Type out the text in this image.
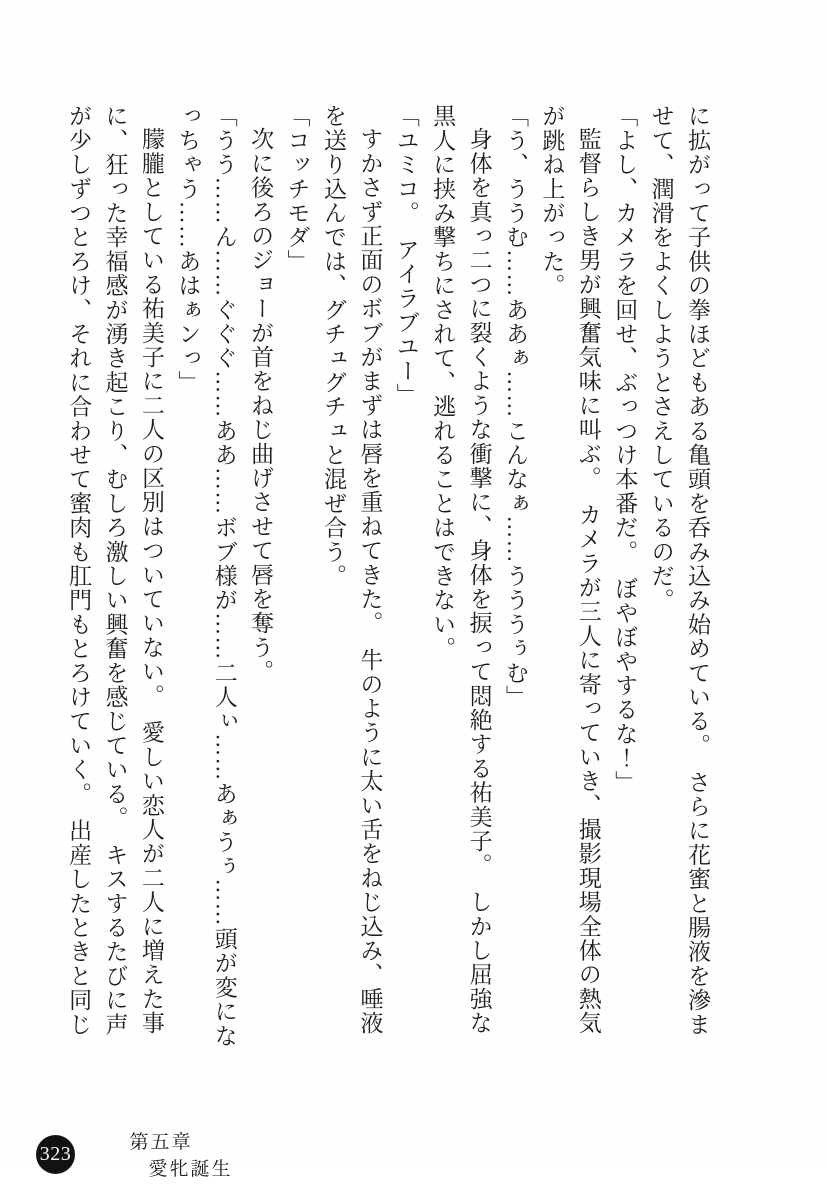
に拡がって子供の拳ほどもある亀頭を呑み込み始めている。　さらに花蜜と腸液を滲ませて、潤滑をよくしようとさえしているのだ。

「よし、カメラを回せ、ぶっつけ本番だ。　ぼやぼやするな！」

監督らしき男が興奮気味に叫ぶ。　カメラが三人に寄っていき、撮影現場全体の熱気が跳ね上がった。

「う、ううむ……ああぁ……こんなぁ……うううぅむ」

身体を真っ二つに裂くような衝撃に、身体を捩って悶絶する祐美子。　しかし屈強な黒人に挟み撃ちにされて、逃れることはできない。

「ユミコ。　アイラブユー」

すかさず正面のボブがまずは唇を重ねてきた。　牛のように太い舌をねじ込み、唾液を送り込んでは、グチュグチュと混ぜ合う。

「コッチモダ」

次に後ろのジョーが首をねじ曲げさせて唇を奪う。

「うう……ん……ぐぐぐ……ああ……ボブ様が……二人ぃ……あぁうぅ……頭が変になっちゃう……あはぁンっ」

朦朧としている祐美子に二人の区別はついていない。　愛しい恋人が二人に増えた事に、狂った幸福感が湧き起こり、むしろ激しい興奮を感じている。　キスするたびに声が少しずつとろけ、それに合わせて蜜肉も肛門もとろけていく。　出産したときと同じ

323	第五章
愛牝誕生
